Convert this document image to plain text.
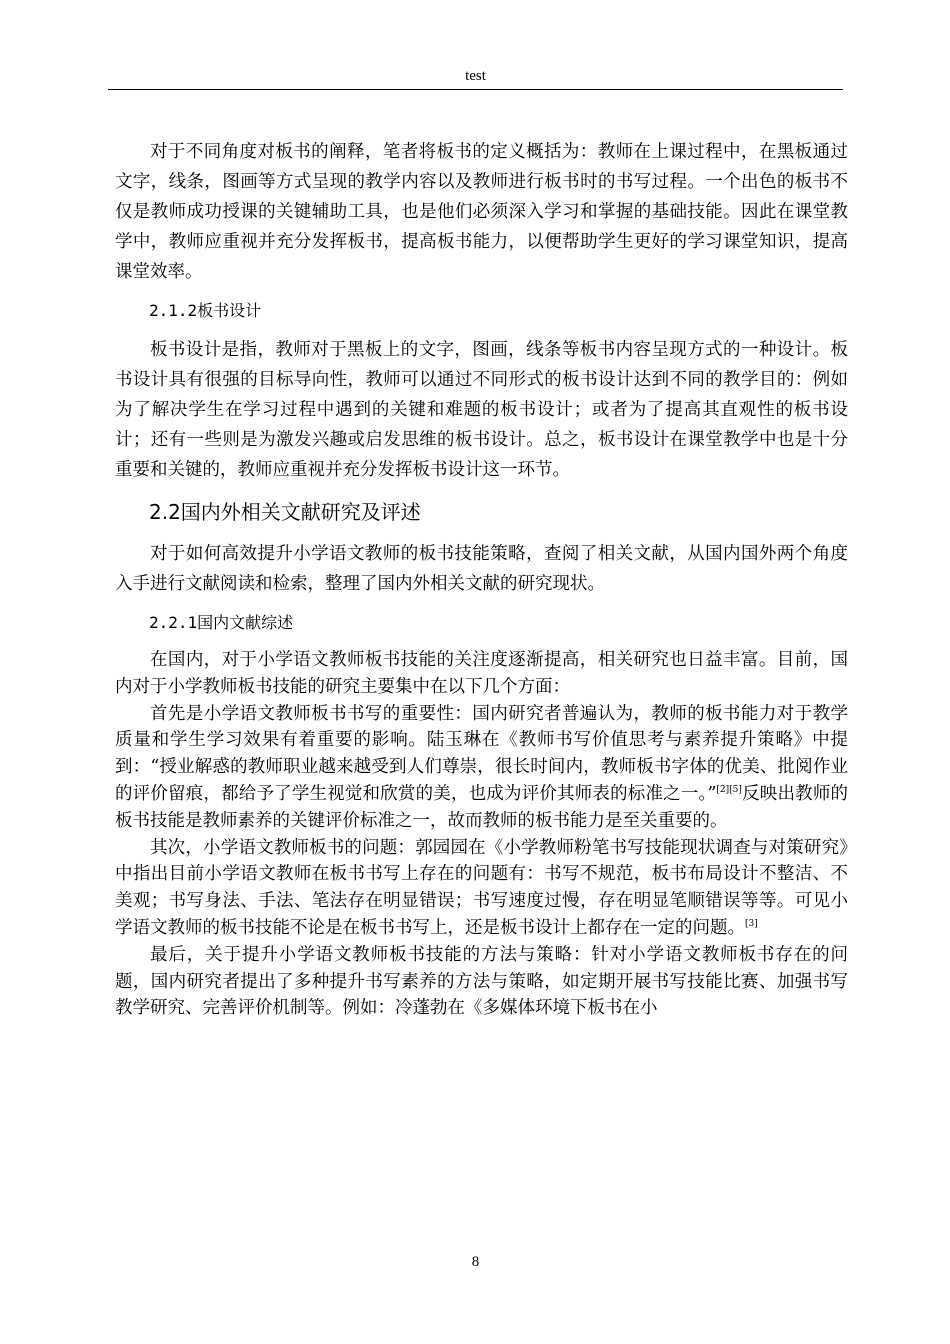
test

对于不同角度对板书的阐释，笔者将板书的定义概括为：教师在上课过程中，在黑板通过文字，线条，图画等方式呈现的教学内容以及教师进行板书时的书写过程。一个出色的板书不仅是教师成功授课的关键辅助工具，也是他们必须深入学习和掌握的基础技能。因此在课堂教学中，教师应重视并充分发挥板书，提高板书能力，以便帮助学生更好的学习课堂知识，提高课堂效率。

2.1.2板书设计

板书设计是指，教师对于黑板上的文字，图画，线条等板书内容呈现方式的一种设计。板书设计具有很强的目标导向性，教师可以通过不同形式的板书设计达到不同的教学目的：例如为了解决学生在学习过程中遇到的关键和难题的板书设计；或者为了提高其直观性的板书设计；还有一些则是为激发兴趣或启发思维的板书设计。总之，板书设计在课堂教学中也是十分重要和关键的，教师应重视并充分发挥板书设计这一环节。

2.2国内外相关文献研究及评述

对于如何高效提升小学语文教师的板书技能策略，查阅了相关文献，从国内国外两个角度入手进行文献阅读和检索，整理了国内外相关文献的研究现状。

2.2.1国内文献综述

在国内，对于小学语文教师板书技能的关注度逐渐提高，相关研究也日益丰富。目前，国内对于小学教师板书技能的研究主要集中在以下几个方面：

首先是小学语文教师板书书写的重要性：国内研究者普遍认为，教师的板书能力对于教学质量和学生学习效果有着重要的影响。陆玉琳在《教师书写价值思考与素养提升策略》中提到：“授业解惑的教师职业越来越受到人们尊崇，很长时间内，教师板书字体的优美、批阅作业的评价留痕，都给予了学生视觉和欣赏的美，也成为评价其师表的标准之一。”[2][5]反映出教师的板书技能是教师素养的关键评价标准之一，故而教师的板书能力是至关重要的。

其次，小学语文教师板书的问题：郭园园在《小学教师粉笔书写技能现状调查与对策研究》中指出目前小学语文教师在板书书写上存在的问题有：书写不规范，板书布局设计不整洁、不美观；书写身法、手法、笔法存在明显错误；书写速度过慢，存在明显笔顺错误等等。可见小学语文教师的板书技能不论是在板书书写上，还是板书设计上都存在一定的问题。[3]

最后，关于提升小学语文教师板书技能的方法与策略：针对小学语文教师板书存在的问题，国内研究者提出了多种提升书写素养的方法与策略，如定期开展书写技能比赛、加强书写教学研究、完善评价机制等。例如：冷蓬勃在《多媒体环境下板书在小

8
